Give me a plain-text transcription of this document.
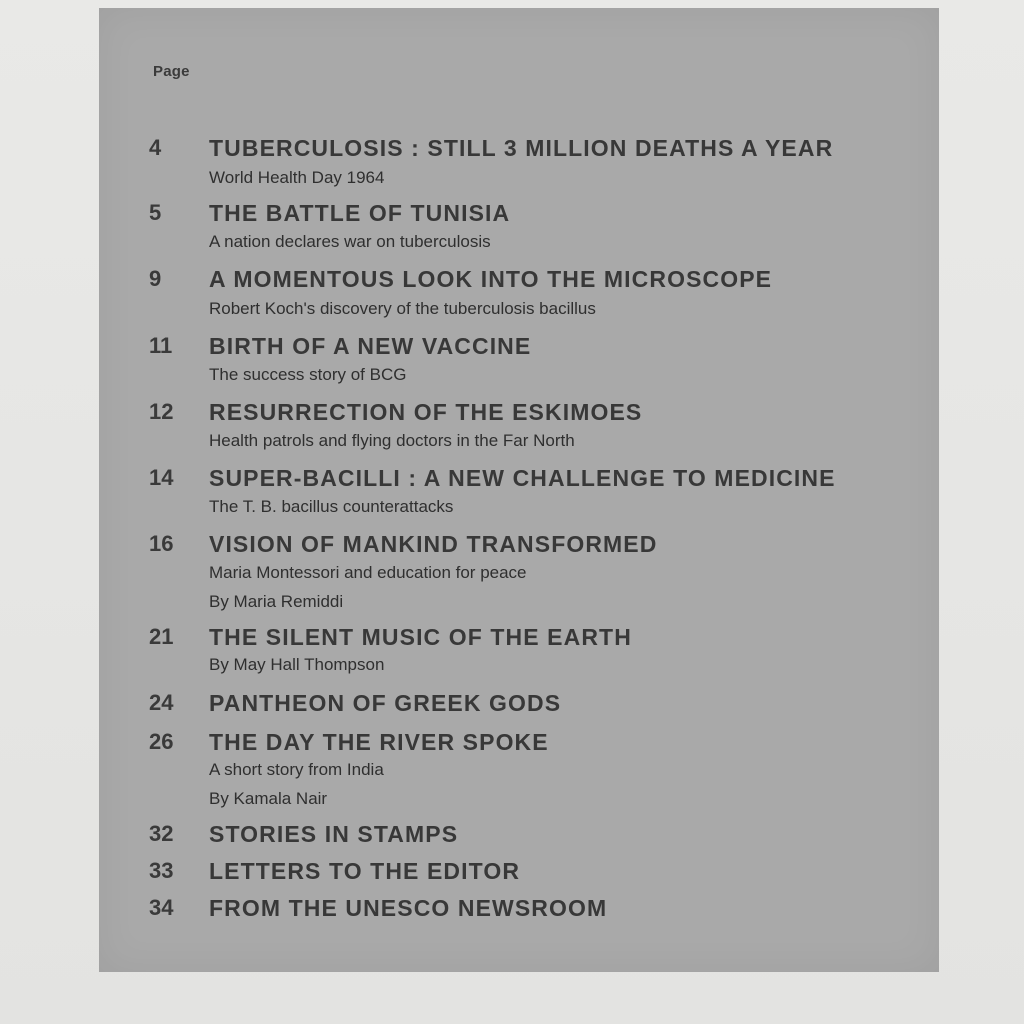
Page
4	TUBERCULOSIS : STILL 3 MILLION DEATHS A YEAR
World Health Day 1964
5	THE BATTLE OF TUNISIA
A nation declares war on tuberculosis
9	A MOMENTOUS LOOK INTO THE MICROSCOPE
Robert Koch's discovery of the tuberculosis bacillus
11	BIRTH OF A NEW VACCINE
The success story of BCG
12	RESURRECTION OF THE ESKIMOES
Health patrols and flying doctors in the Far North
14	SUPER-BACILLI : A NEW CHALLENGE TO MEDICINE
The T. B. bacillus counterattacks
16	VISION OF MANKIND TRANSFORMED
Maria Montessori and education for peace
By Maria Remiddi
21	THE SILENT MUSIC OF THE EARTH
By May Hall Thompson
24	PANTHEON OF GREEK GODS
26	THE DAY THE RIVER SPOKE
A short story from India
By Kamala Nair
32	STORIES IN STAMPS
33	LETTERS TO THE EDITOR
34	FROM THE UNESCO NEWSROOM
